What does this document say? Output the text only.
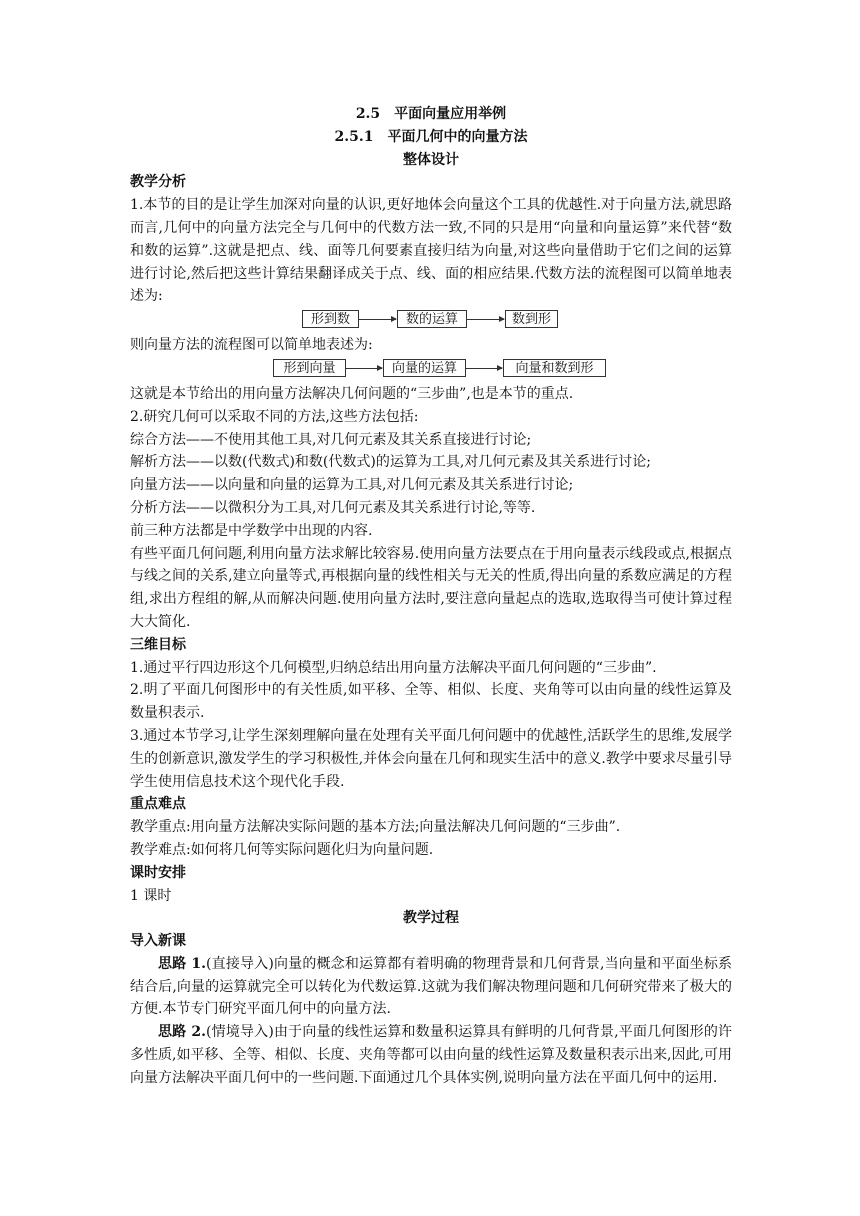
2.5　平面向量应用举例

2.5.1　平面几何中的向量方法

整体设计

教学分析

1.本节的目的是让学生加深对向量的认识,更好地体会向量这个工具的优越性.对于向量方法,就思路而言,几何中的向量方法完全与几何中的代数方法一致,不同的只是用“向量和向量运算”来代替“数和数的运算”.这就是把点、线、面等几何要素直接归结为向量,对这些向量借助于它们之间的运算进行讨论,然后把这些计算结果翻译成关于点、线、面的相应结果.代数方法的流程图可以简单地表述为:

形到数	数的运算	数到形

则向量方法的流程图可以简单地表述为:

形到向量	向量的运算	向量和数到形

这就是本节给出的用向量方法解决几何问题的“三步曲”,也是本节的重点.

2.研究几何可以采取不同的方法,这些方法包括:

综合方法——不使用其他工具,对几何元素及其关系直接进行讨论;

解析方法——以数(代数式)和数(代数式)的运算为工具,对几何元素及其关系进行讨论;

向量方法——以向量和向量的运算为工具,对几何元素及其关系进行讨论;

分析方法——以微积分为工具,对几何元素及其关系进行讨论,等等.

前三种方法都是中学数学中出现的内容.

有些平面几何问题,利用向量方法求解比较容易.使用向量方法要点在于用向量表示线段或点,根据点与线之间的关系,建立向量等式,再根据向量的线性相关与无关的性质,得出向量的系数应满足的方程组,求出方程组的解,从而解决问题.使用向量方法时,要注意向量起点的选取,选取得当可使计算过程大大简化.

三维目标

1.通过平行四边形这个几何模型,归纳总结出用向量方法解决平面几何问题的“三步曲”.

2.明了平面几何图形中的有关性质,如平移、全等、相似、长度、夹角等可以由向量的线性运算及数量积表示.

3.通过本节学习,让学生深刻理解向量在处理有关平面几何问题中的优越性,活跃学生的思维,发展学生的创新意识,激发学生的学习积极性,并体会向量在几何和现实生活中的意义.教学中要求尽量引导学生使用信息技术这个现代化手段.

重点难点

教学重点:用向量方法解决实际问题的基本方法;向量法解决几何问题的“三步曲”.

教学难点:如何将几何等实际问题化归为向量问题.

课时安排

1 课时

教学过程

导入新课

思路 1.(直接导入)向量的概念和运算都有着明确的物理背景和几何背景,当向量和平面坐标系结合后,向量的运算就完全可以转化为代数运算.这就为我们解决物理问题和几何研究带来了极大的方便.本节专门研究平面几何中的向量方法.

思路 2.(情境导入)由于向量的线性运算和数量积运算具有鲜明的几何背景,平面几何图形的许多性质,如平移、全等、相似、长度、夹角等都可以由向量的线性运算及数量积表示出来,因此,可用向量方法解决平面几何中的一些问题.下面通过几个具体实例,说明向量方法在平面几何中的运用.
